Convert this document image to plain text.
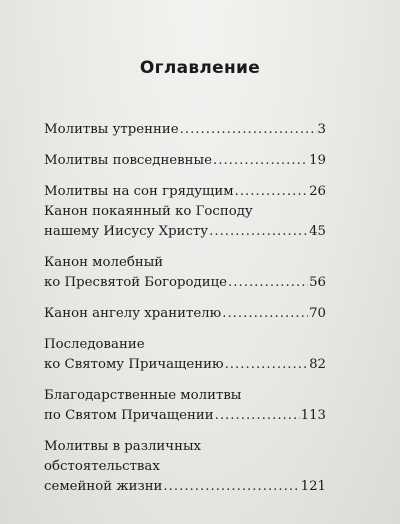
Оглавление
Молитвы утренние .....	3
Молитвы повседневные .....	19
Молитвы на сон грядущим .....	26
Канон покаянный ко Господу
нашему Иисусу Христу .....	45
Канон молебный
ко Пресвятой Богородице .....	56
Канон ангелу хранителю .....	70
Последование
ко Святому Причащению .....	82
Благодарственные молитвы
по Святом Причащении .....	113
Молитвы в различных
обстоятельствах
семейной жизни .....	121
